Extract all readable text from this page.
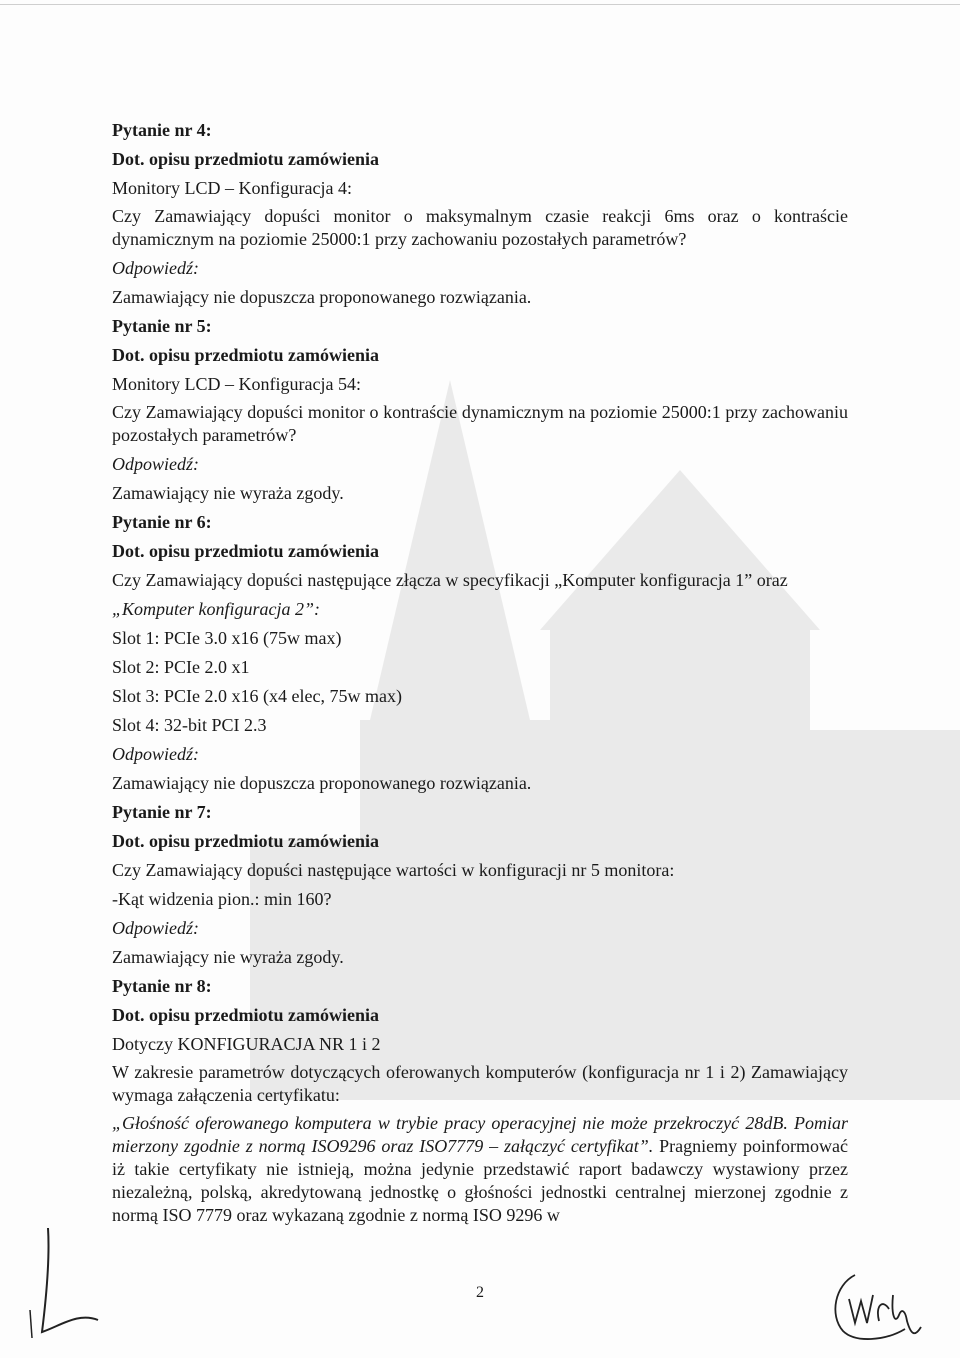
Pytanie nr 4:
Dot. opisu przedmiotu zamówienia
Monitory LCD – Konfiguracja 4:
Czy Zamawiający dopuści monitor o maksymalnym czasie reakcji 6ms oraz o kontraście dynamicznym na poziomie 25000:1 przy zachowaniu pozostałych parametrów?
Odpowiedź:
Zamawiający nie dopuszcza proponowanego rozwiązania.
Pytanie nr 5:
Dot. opisu przedmiotu zamówienia
Monitory LCD – Konfiguracja 54:
Czy Zamawiający dopuści monitor o kontraście dynamicznym na poziomie 25000:1 przy zachowaniu pozostałych parametrów?
Odpowiedź:
Zamawiający nie wyraża zgody.
Pytanie nr 6:
Dot. opisu przedmiotu zamówienia
Czy Zamawiający dopuści następujące złącza w specyfikacji „Komputer konfiguracja 1” oraz
„Komputer konfiguracja 2”:
Slot 1: PCIe 3.0 x16 (75w max)
Slot 2: PCIe 2.0 x1
Slot 3: PCIe 2.0 x16 (x4 elec, 75w max)
Slot 4: 32-bit PCI 2.3
Odpowiedź:
Zamawiający nie dopuszcza proponowanego rozwiązania.
Pytanie nr 7:
Dot. opisu przedmiotu zamówienia
Czy Zamawiający dopuści następujące wartości w konfiguracji nr 5 monitora:
-Kąt widzenia pion.: min 160?
Odpowiedź:
Zamawiający nie wyraża zgody.
Pytanie nr 8:
Dot. opisu przedmiotu zamówienia
Dotyczy KONFIGURACJA NR 1 i 2
W zakresie parametrów dotyczących oferowanych komputerów (konfiguracja nr 1 i 2) Zamawiający wymaga załączenia certyfikatu:
„Głośność oferowanego komputera w trybie pracy operacyjnej nie może przekroczyć 28dB. Pomiar mierzony zgodnie z normą ISO9296 oraz ISO7779 – załączyć certyfikat”. Pragniemy poinformować iż takie certyfikaty nie istnieją, można jedynie przedstawić raport badawczy wystawiony przez niezależną, polską, akredytowaną jednostkę o głośności jednostki centralnej mierzonej zgodnie z normą ISO 7779 oraz wykazaną zgodnie z normą ISO 9296 w
2
